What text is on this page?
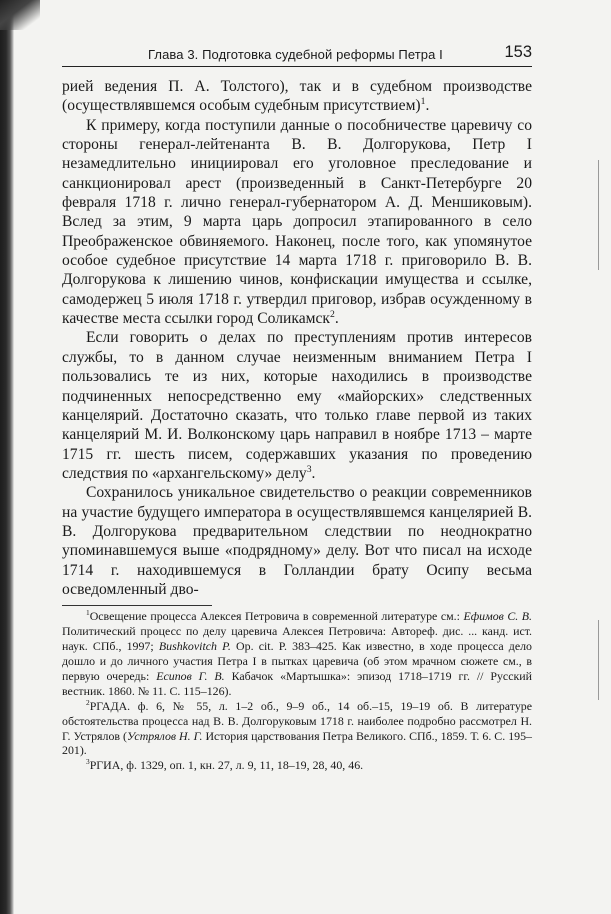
Глава 3. Подготовка судебной реформы Петра I	153

рией ведения П. А. Толстого), так и в судебном производстве (осуществлявшемся особым судебным присутствием)$^1$.

К примеру, когда поступили данные о пособничестве царевичу со стороны генерал-лейтенанта В. В. Долгорукова, Петр I незамедлительно инициировал его уголовное преследование и санкционировал арест (произведенный в Санкт-Петербурге 20 февраля 1718 г. лично генерал-губернатором А. Д. Меншиковым). Вслед за этим, 9 марта царь допросил этапированного в село Преображенское обвиняемого. Наконец, после того, как упомянутое особое судебное присутствие 14 марта 1718 г. приговорило В. В. Долгорукова к лишению чинов, конфискации имущества и ссылке, самодержец 5 июля 1718 г. утвердил приговор, избрав осужденному в качестве места ссылки город Соликамск$^2$.

Если говорить о делах по преступлениям против интересов службы, то в данном случае неизменным вниманием Петра I пользовались те из них, которые находились в производстве подчиненных непосредственно ему «майорских» следственных канцелярий. Достаточно сказать, что только главе первой из таких канцелярий М. И. Волконскому царь направил в ноябре 1713 – марте 1715 гг. шесть писем, содержавших указания по проведению следствия по «архангельскому» делу$^3$.

Сохранилось уникальное свидетельство о реакции современников на участие будущего императора в осуществлявшемся канцелярией В. В. Долгорукова предварительном следствии по неоднократно упоминавшемуся выше «подрядному» делу. Вот что писал на исходе 1714 г. находившемуся в Голландии брату Осипу весьма осведомленный дво-

$^1$Освещение процесса Алексея Петровича в современной литературе см.: Ефимов С. В. Политический процесс по делу царевича Алексея Петровича: Автореф. дис. ... канд. ист. наук. СПб., 1997; Bushkovitch P. Op. cit. P. 383–425. Как известно, в ходе процесса дело дошло и до личного участия Петра I в пытках царевича (об этом мрачном сюжете см., в первую очередь: Есипов Г. В. Кабачок «Мартышка»: эпизод 1718–1719 гг. // Русский вестник. 1860. № 11. С. 115–126).

$^2$РГАДА. ф. 6, № 55, л. 1–2 об., 9–9 об., 14 об.–15, 19–19 об. В литературе обстоятельства процесса над В. В. Долгоруковым 1718 г. наиболее подробно рассмотрел Н. Г. Устрялов (Устрялов Н. Г. История царствования Петра Великого. СПб., 1859. Т. 6. С. 195–201).

$^3$РГИА, ф. 1329, оп. 1, кн. 27, л. 9, 11, 18–19, 28, 40, 46.
